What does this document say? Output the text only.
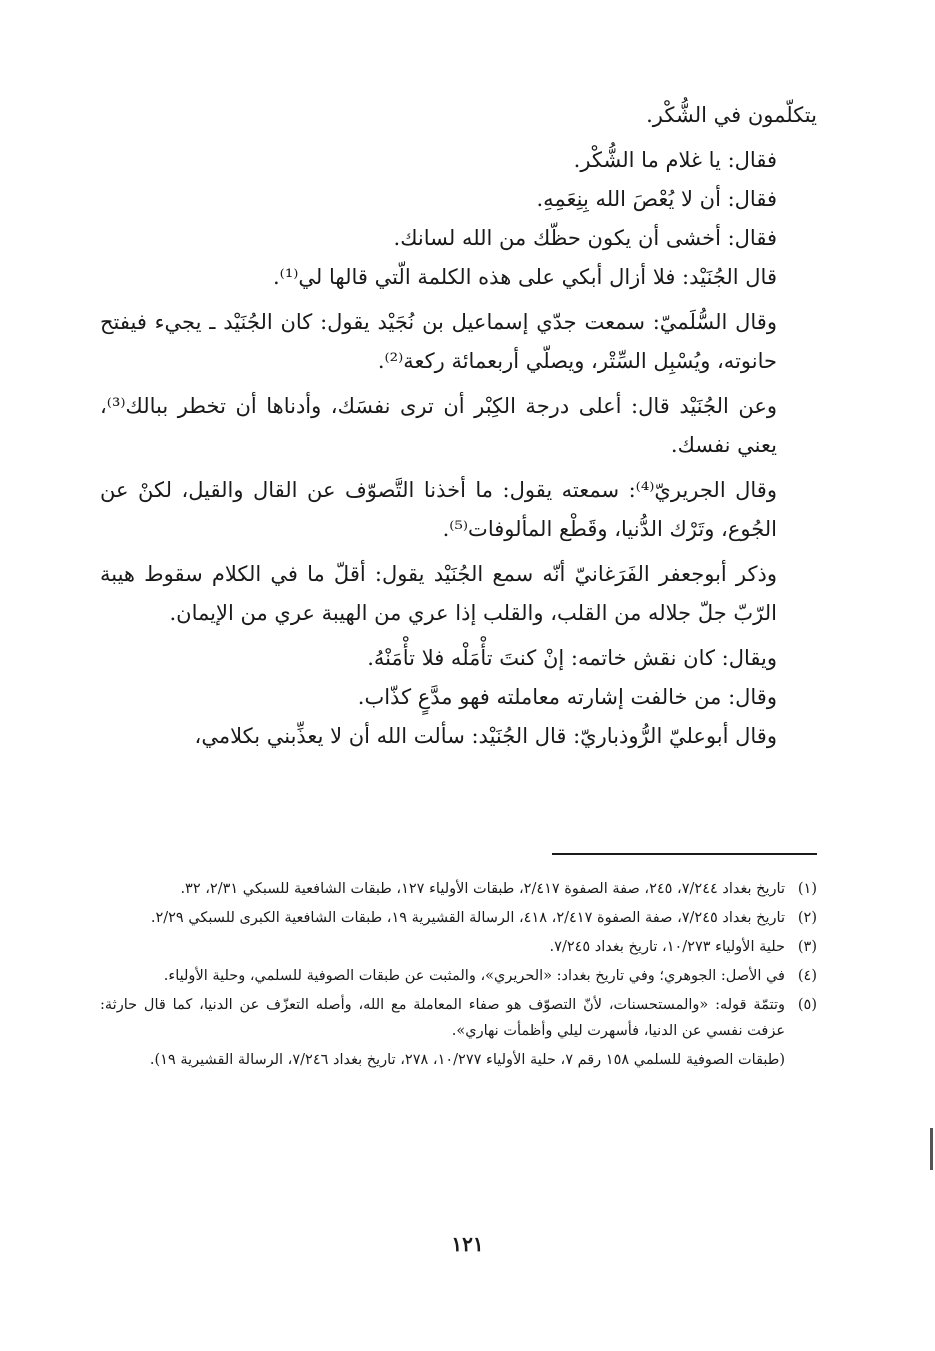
يتكلّمون في الشُّكْر.

فقال: يا غلام ما الشُّكْر.

فقال: أن لا يُعْصَ الله بِنِعَمِهِ.

فقال: أخشى أن يكون حظّك من الله لسانك.

قال الجُنَيْد: فلا أزال أبكي على هذه الكلمة الّتي قالها لي⁽¹⁾.

وقال السُّلَميّ: سمعت جدّي إسماعيل بن نُجَيْد يقول: كان الجُنَيْد ـ يجيء فيفتح حانوته، ويُسْبِل السِّتْر، ويصلّي أربعمائة ركعة⁽²⁾.

وعن الجُنَيْد قال: أعلى درجة الكِبْر أن ترى نفسَك، وأدناها أن تخطر ببالك⁽³⁾، يعني نفسك.

وقال الجريريّ⁽⁴⁾: سمعته يقول: ما أخذنا التَّصوّف عن القال والقيل، لكنْ عن الجُوع، وتَرْك الدُّنيا، وقَطْع المألوفات⁽⁵⁾.

وذكر أبوجعفر الفَرَغانيّ أنّه سمع الجُنَيْد يقول: أقلّ ما في الكلام سقوط هيبة الرّبّ جلّ جلاله من القلب، والقلب إذا عري من الهيبة عري من الإيمان.

ويقال: كان نقش خاتمه: إنْ كنتَ تأْمَلْه فلا تأْمَنْهُ.

وقال: من خالفت إشارته معاملته فهو مدَّعٍ كذّاب.

وقال أبوعليّ الرُّوذباريّ: قال الجُنَيْد: سألت الله أن لا يعذِّبني بكلامي،

(١)
تاريخ بغداد ٧/٢٤٤، ٢٤٥، صفة الصفوة ٢/٤١٧، طبقات الأولياء ١٢٧، طبقات الشافعية للسبكي ٢/٣١، ٣٢.
(٢)
تاريخ بغداد ٧/٢٤٥، صفة الصفوة ٢/٤١٧، ٤١٨، الرسالة القشيرية ١٩، طبقات الشافعية الكبرى للسبكي ٢/٢٩.
(٣)
حلية الأولياء ١٠/٢٧٣، تاريخ بغداد ٧/٢٤٥.
(٤)
في الأصل: الجوهري؛ وفي تاريخ بغداد: «الحريري»، والمثبت عن طبقات الصوفية للسلمي، وحلية الأولياء.
(٥)
وتتمّة قوله: «والمستحسنات، لأنّ التصوّف هو صفاء المعاملة مع الله، وأصله التعزّف عن الدنيا، كما قال حارثة: عزفت نفسي عن الدنيا، فأسهرت ليلي وأظمأت نهاري».
(طبقات الصوفية للسلمي ١٥٨ رقم ٧، حلية الأولياء ١٠/٢٧٧، ٢٧٨، تاريخ بغداد ٧/٢٤٦، الرسالة القشيرية ١٩).
١٢١
